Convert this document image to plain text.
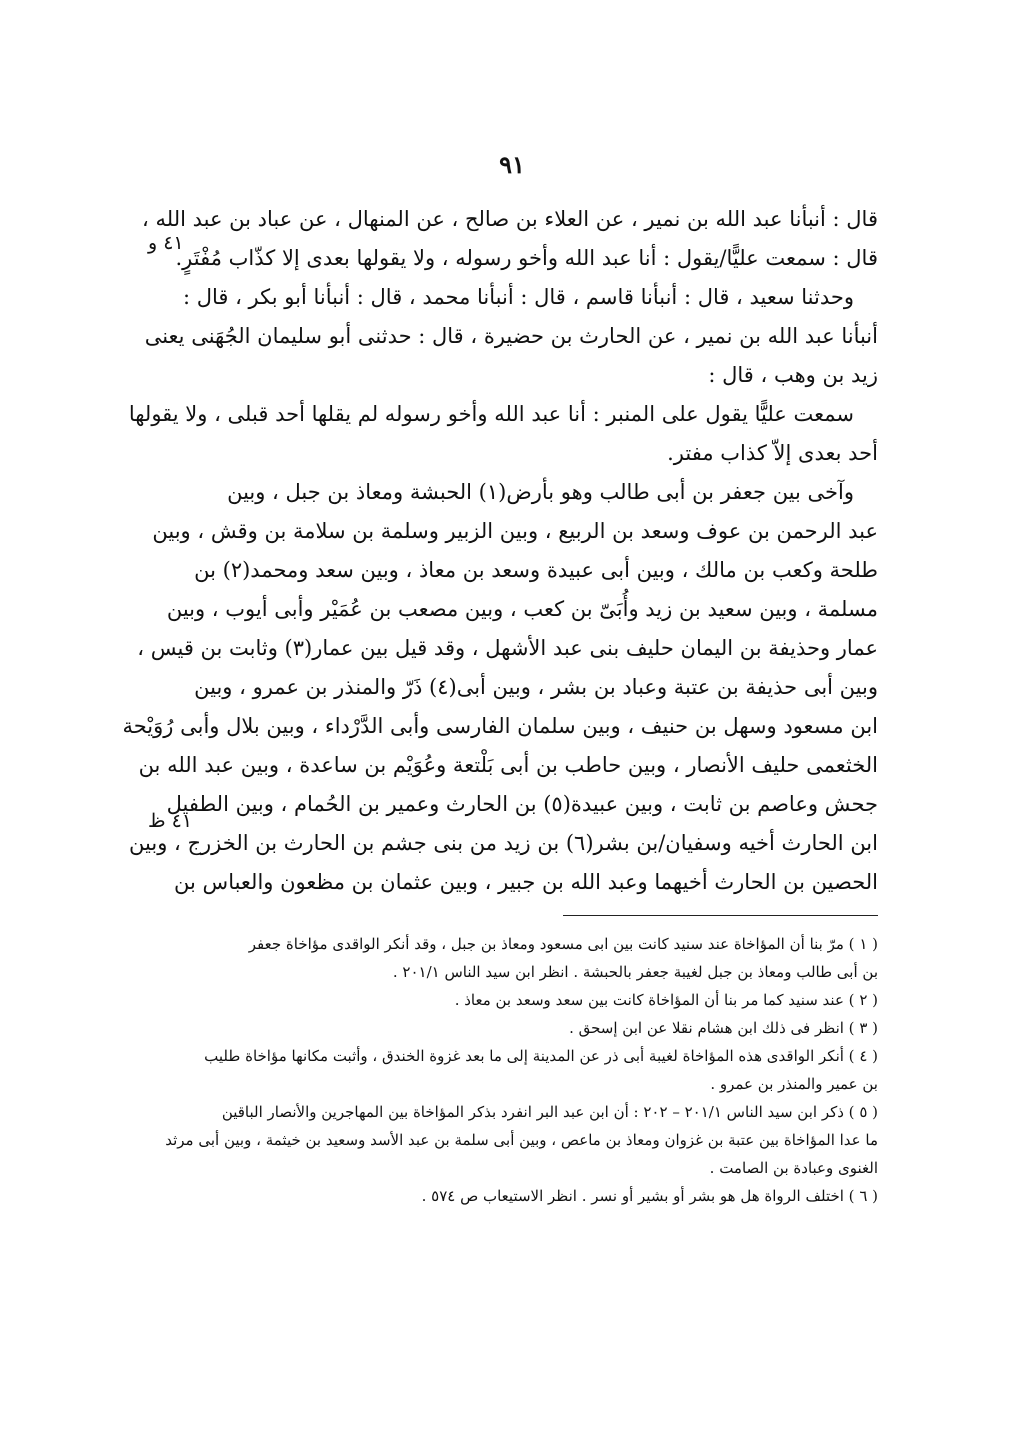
٩١
٤١ و
٤١ ظ
قال : أنبأنا عبد الله بن نمير ، عن العلاء بن صالح ، عن المنهال ، عن عباد بن عبد الله ،
قال : سمعت عليًّا/يقول : أنا عبد الله وأخو رسوله ، ولا يقولها بعدى إلا كذّاب مُفْتَرٍ.
وحدثنا سعيد ، قال : أنبأنا قاسم ، قال : أنبأنا محمد ، قال : أنبأنا أبو بكر ، قال :
أنبأنا عبد الله بن نمير ، عن الحارث بن حضيرة ، قال : حدثنى أبو سليمان الجُهَنى يعنى
زيد بن وهب ، قال :
سمعت عليًّا يقول على المنبر : أنا عبد الله وأخو رسوله لم يقلها أحد قبلى ، ولا يقولها
أحد بعدى إلاّ كذاب مفتر.
وآخى بين جعفر بن أبى طالب وهو بأرض(١) الحبشة ومعاذ بن جبل ، وبين
عبد الرحمن بن عوف وسعد بن الربيع ، وبين الزبير وسلمة بن سلامة بن وقش ، وبين
طلحة وكعب بن مالك ، وبين أبى عبيدة وسعد بن معاذ ، وبين سعد ومحمد(٢) بن
مسلمة ، وبين سعيد بن زيد وأُبَىّ بن كعب ، وبين مصعب بن عُمَيْر وأبى أيوب ، وبين
عمار وحذيفة بن اليمان حليف بنى عبد الأشهل ، وقد قيل بين عمار(٣) وثابت بن قيس ،
وبين أبى حذيفة بن عتبة وعباد بن بشر ، وبين أبى(٤) ذَرّ والمنذر بن عمرو ، وبين
ابن مسعود وسهل بن حنيف ، وبين سلمان الفارسى وأبى الدَّرْداء ، وبين بلال وأبى رُوَيْحة
الخثعمى حليف الأنصار ، وبين حاطب بن أبى بَلْتعة وعُوَيْم بن ساعدة ، وبين عبد الله بن
جحش وعاصم بن ثابت ، وبين عبيدة(٥) بن الحارث وعمير بن الحُمام ، وبين الطفيل
ابن الحارث أخيه وسفيان/بن بشر(٦) بن زيد من بنى جشم بن الحارث بن الخزرج ، وبين
الحصين بن الحارث أخيهما وعبد الله بن جبير ، وبين عثمان بن مظعون والعباس بن
( ١ ) مرّ بنا أن المؤاخاة عند سنيد كانت بين ابى مسعود ومعاذ بن جبل ، وقد أنكر الواقدى مؤاخاة جعفر
بن أبى طالب ومعاذ بن جبل لغيبة جعفر بالحبشة . انظر ابن سيد الناس ٢٠١/١ .
( ٢ ) عند سنيد كما مر بنا أن المؤاخاة كانت بين سعد وسعد بن معاذ .
( ٣ ) انظر فى ذلك ابن هشام نقلا عن ابن إسحق .
( ٤ ) أنكر الواقدى هذه المؤاخاة لغيبة أبى ذر عن المدينة إلى ما بعد غزوة الخندق ، وأثبت مكانها مؤاخاة طليب
بن عمير والمنذر بن عمرو .
( ٥ ) ذكر ابن سيد الناس ٢٠١/١ – ٢٠٢ : أن ابن عبد البر انفرد بذكر المؤاخاة بين المهاجرين والأنصار الباقين
ما عدا المؤاخاة بين عتبة بن غزوان ومعاذ بن ماعص ، وبين أبى سلمة بن عبد الأسد وسعيد بن خيثمة ، وبين أبى مرثد
الغنوى وعبادة بن الصامت .
( ٦ ) اختلف الرواة هل هو بشر أو بشير أو نسر . انظر الاستيعاب ص ٥٧٤ .
